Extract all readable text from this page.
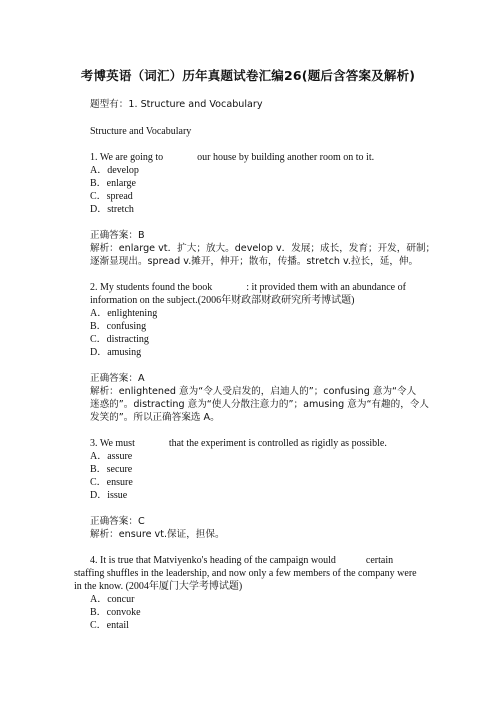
考博英语（词汇）历年真题试卷汇编26(题后含答案及解析)
题型有：1. Structure and Vocabulary
Structure and Vocabulary
1. We are going to	our house by building another room on to it.
A．develop
B．enlarge
C．spread
D．stretch
正确答案：B
解析：enlarge vt．扩大；放大。develop v．发展；成长，发育；开发，研制；
逐渐显现出。spread v.摊开，伸开；散布，传播。stretch v.拉长，延，伸。
2. My students found the book	: it provided them with an abundance of
information on the subject.(2006年财政部财政研究所考博试题)
A．enlightening
B．confusing
C．distracting
D．amusing
正确答案：A
解析：enlightened 意为“令人受启发的，启迪人的”；confusing 意为“令人
迷惑的”。distracting 意为“使人分散注意力的”；amusing 意为“有趣的，令人
发笑的”。所以正确答案选 A。
3. We must	that the experiment is controlled as rigidly as possible.
A．assure
B．secure
C．ensure
D．issue
正确答案：C
解析：ensure vt.保证，担保。
4. It is true that Matviyenko's heading of the campaign would	certain
staffing shuffles in the leadership, and now only a few members of the company were
in the know. (2004年厦门大学考博试题)
A．concur
B．convoke
C．entail
